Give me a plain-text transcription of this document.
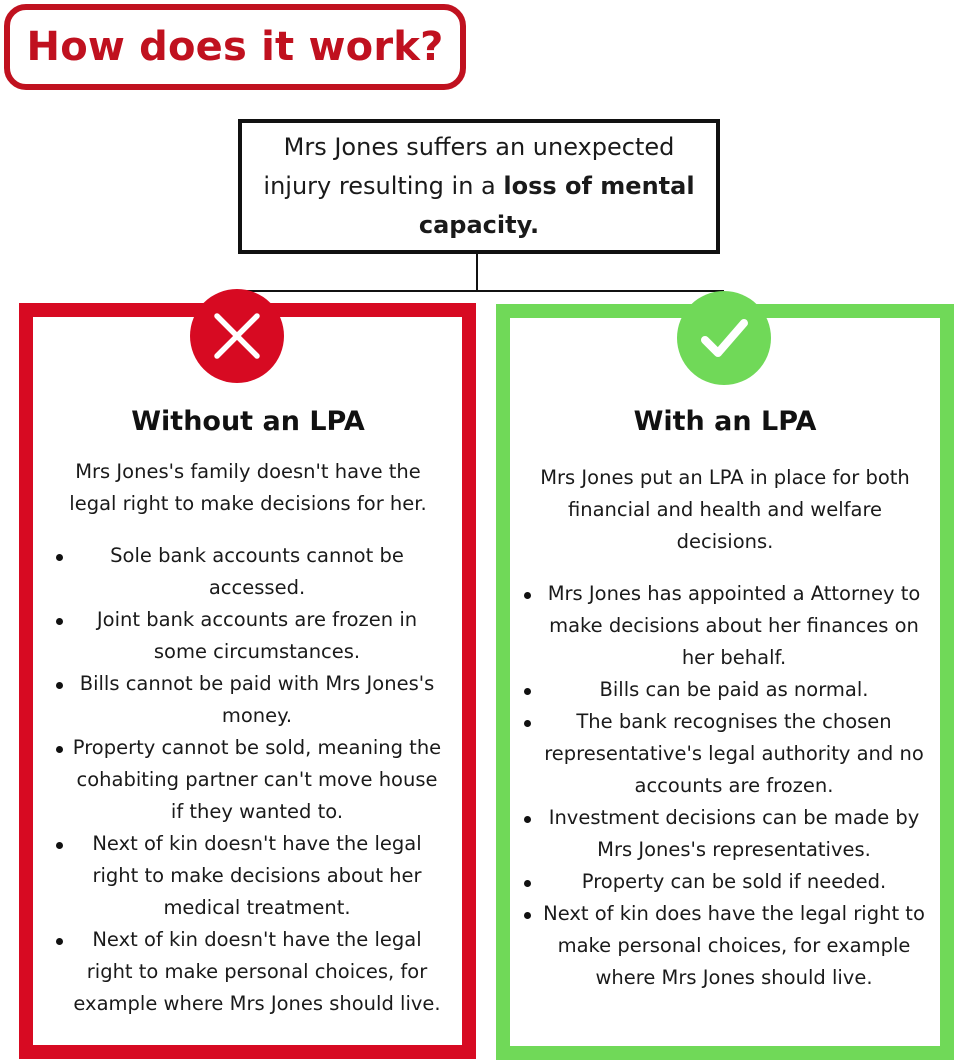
How does it work?
Mrs Jones suffers an unexpected injury resulting in a loss of mental capacity.
Without an LPA

Mrs Jones's family doesn't have the legal right to make decisions for her.

Sole bank accounts cannot be accessed.
Joint bank accounts are frozen in some circumstances.
Bills cannot be paid with Mrs Jones's money.
Property cannot be sold, meaning the cohabiting partner can't move house if they wanted to.
Next of kin doesn't have the legal right to make decisions about her medical treatment.
Next of kin doesn't have the legal right to make personal choices, for example where Mrs Jones should live.
With an LPA

Mrs Jones put an LPA in place for both financial and health and welfare decisions.

Mrs Jones has appointed a Attorney to make decisions about her finances on her behalf.
Bills can be paid as normal.
The bank recognises the chosen representative's legal authority and no accounts are frozen.
Investment decisions can be made by Mrs Jones's representatives.
Property can be sold if needed.
Next of kin does have the legal right to make personal choices, for example where Mrs Jones should live.
